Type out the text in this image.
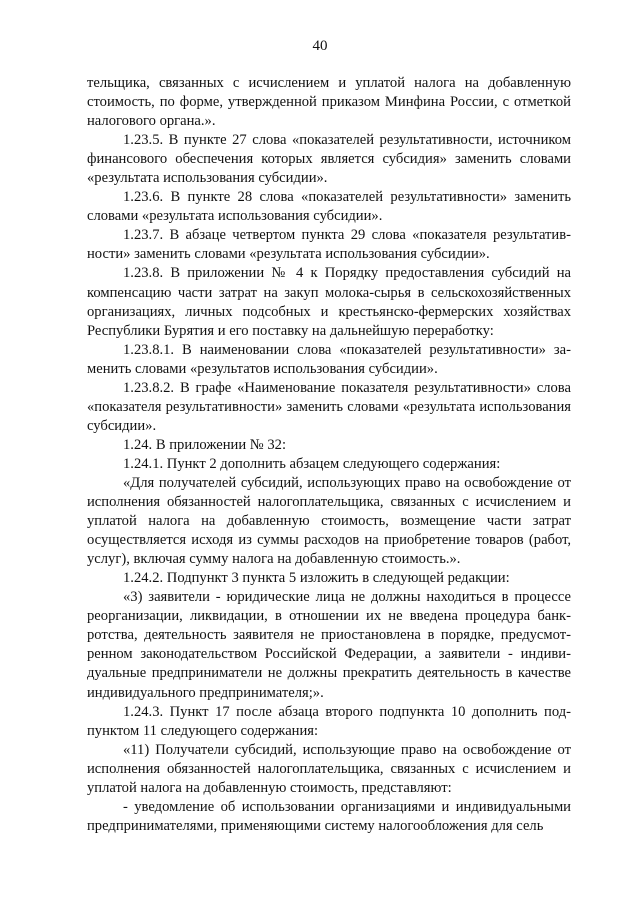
40

тельщика, связанных с исчислением и уплатой налога на добавленную стоимость, по форме, утвержденной приказом Минфина России, с отметкой налогового органа.».

1.23.5. В пункте 27 слова «показателей результативности, источником финансового обеспечения которых является субсидия» заменить словами «результата использования субсидии».

1.23.6. В пункте 28 слова «показателей результативности» заменить словами «результата использования субсидии».

1.23.7. В абзаце четвертом пункта 29 слова «показателя результативности» заменить словами «результата использования субсидии».

1.23.8. В приложении № 4 к Порядку предоставления субсидий на компенсацию части затрат на закуп молока-сырья в сельскохозяйственных организациях, личных подсобных и крестьянско-фермерских хозяйствах Республики Бурятия и его поставку на дальнейшую переработку:

1.23.8.1. В наименовании слова «показателей результативности» заменить словами «результатов использования субсидии».

1.23.8.2. В графе «Наименование показателя результативности» слова «показателя результативности» заменить словами «результата использования субсидии».

1.24. В приложении № 32:

1.24.1. Пункт 2 дополнить абзацем следующего содержания:

«Для получателей субсидий, использующих право на освобождение от исполнения обязанностей налогоплательщика, связанных с исчислением и уплатой налога на добавленную стоимость, возмещение части затрат осуществляется исходя из суммы расходов на приобретение товаров (работ, услуг), включая сумму налога на добавленную стоимость.».

1.24.2. Подпункт 3 пункта 5 изложить в следующей редакции:

«3) заявители - юридические лица не должны находиться в процессе реорганизации, ликвидации, в отношении их не введена процедура банкротства, деятельность заявителя не приостановлена в порядке, предусмотренном законодательством Российской Федерации, а заявители - индивидуальные предприниматели не должны прекратить деятельность в качестве индивидуального предпринимателя;».

1.24.3. Пункт 17 после абзаца второго подпункта 10 дополнить подпунктом 11 следующего содержания:

«11) Получатели субсидий, использующие право на освобождение от исполнения обязанностей налогоплательщика, связанных с исчислением и уплатой налога на добавленную стоимость, представляют:

- уведомление об использовании организациями и индивидуальными предпринимателями, применяющими систему налогообложения для сель
